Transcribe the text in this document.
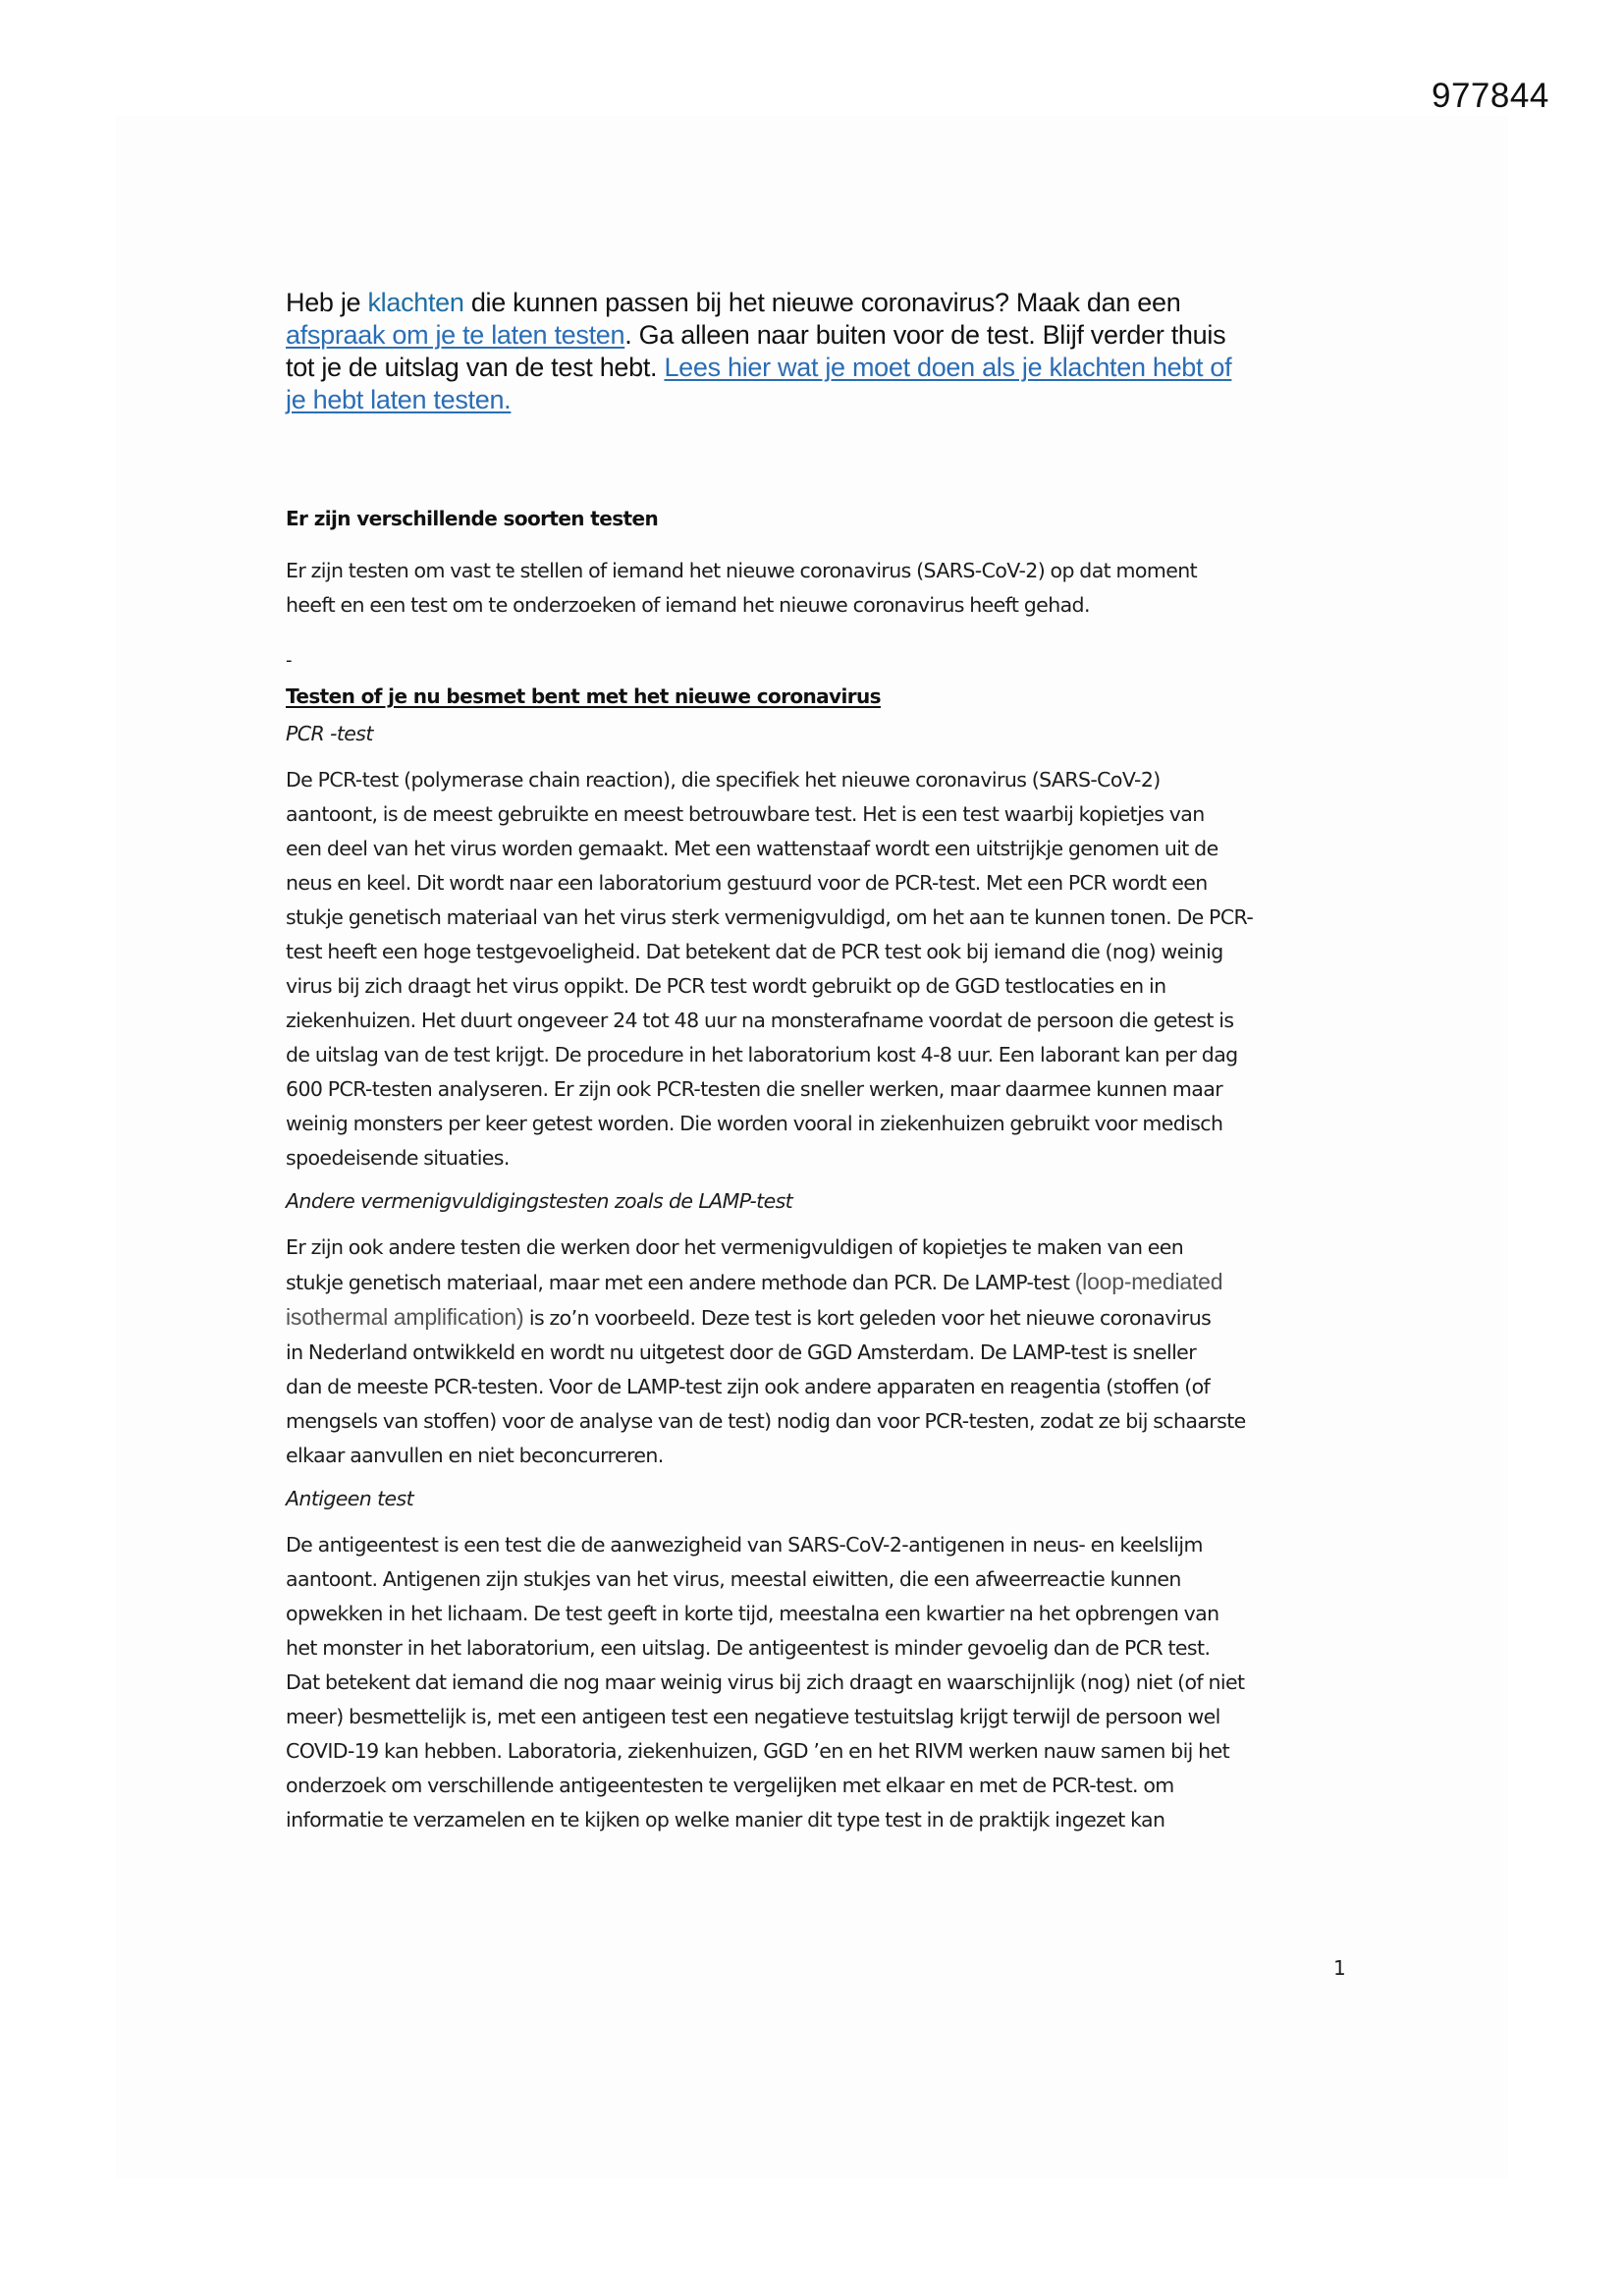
977844

Heb je klachten die kunnen passen bij het nieuwe coronavirus? Maak dan een
afspraak om je te laten testen. Ga alleen naar buiten voor de test. Blijf verder thuis
tot je de uitslag van de test hebt. Lees hier wat je moet doen als je klachten hebt of
je hebt laten testen.

Er zijn verschillende soorten testen

Er zijn testen om vast te stellen of iemand het nieuwe coronavirus (SARS-CoV-2) op dat moment
heeft en een test om te onderzoeken of iemand het nieuwe coronavirus heeft gehad.

-

Testen of je nu besmet bent met het nieuwe coronavirus

PCR -test

De PCR-test (polymerase chain reaction), die specifiek het nieuwe coronavirus (SARS-CoV-2)
aantoont, is de meest gebruikte en meest betrouwbare test. Het is een test waarbij kopietjes van
een deel van het virus worden gemaakt. Met een wattenstaaf wordt een uitstrijkje genomen uit de
neus en keel. Dit wordt naar een laboratorium gestuurd voor de PCR-test. Met een PCR wordt een
stukje genetisch materiaal van het virus sterk vermenigvuldigd, om het aan te kunnen tonen. De PCR-
test heeft een hoge testgevoeligheid. Dat betekent dat de PCR test ook bij iemand die (nog) weinig
virus bij zich draagt het virus oppikt. De PCR test wordt gebruikt op de GGD testlocaties en in
ziekenhuizen. Het duurt ongeveer 24 tot 48 uur na monsterafname voordat de persoon die getest is
de uitslag van de test krijgt. De procedure in het laboratorium kost 4-8 uur. Een laborant kan per dag
600 PCR-testen analyseren. Er zijn ook PCR-testen die sneller werken, maar daarmee kunnen maar
weinig monsters per keer getest worden. Die worden vooral in ziekenhuizen gebruikt voor medisch
spoedeisende situaties.

Andere vermenigvuldigingstesten zoals de LAMP-test

Er zijn ook andere testen die werken door het vermenigvuldigen of kopietjes te maken van een
stukje genetisch materiaal, maar met een andere methode dan PCR. De LAMP-test (loop-mediated
isothermal amplification) is zo’n voorbeeld. Deze test is kort geleden voor het nieuwe coronavirus
in Nederland ontwikkeld en wordt nu uitgetest door de GGD Amsterdam. De LAMP-test is sneller
dan de meeste PCR-testen. Voor de LAMP-test zijn ook andere apparaten en reagentia (stoffen (of
mengsels van stoffen) voor de analyse van de test) nodig dan voor PCR-testen, zodat ze bij schaarste
elkaar aanvullen en niet beconcurreren.

Antigeen test

De antigeentest is een test die de aanwezigheid van SARS-CoV-2-antigenen in neus- en keelslijm
aantoont. Antigenen zijn stukjes van het virus, meestal eiwitten, die een afweerreactie kunnen
opwekken in het lichaam. De test geeft in korte tijd, meestalna een kwartier na het opbrengen van
het monster in het laboratorium, een uitslag. De antigeentest is minder gevoelig dan de PCR test.
Dat betekent dat iemand die nog maar weinig virus bij zich draagt en waarschijnlijk (nog) niet (of niet
meer) besmettelijk is, met een antigeen test een negatieve testuitslag krijgt terwijl de persoon wel
COVID-19 kan hebben. Laboratoria, ziekenhuizen, GGD ’en en het RIVM werken nauw samen bij het
onderzoek om verschillende antigeentesten te vergelijken met elkaar en met de PCR-test. om
informatie te verzamelen en te kijken op welke manier dit type test in de praktijk ingezet kan

1
